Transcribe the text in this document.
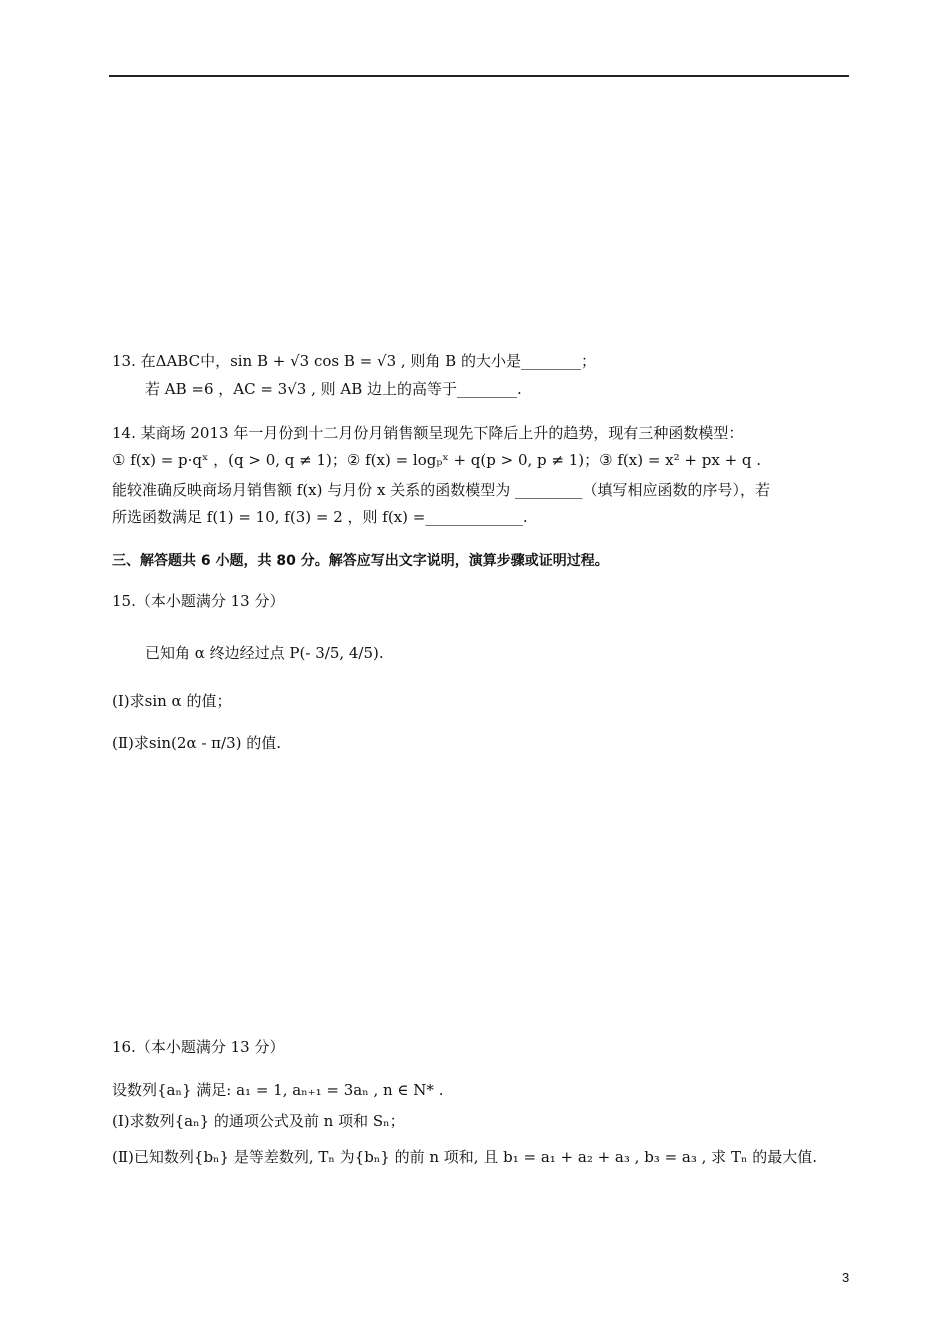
13. 在ΔABC中，sin B + √3 cos B = √3 , 则角 B 的大小是________；
若 AB =6 ，AC = 3√3 , 则 AB 边上的高等于________.
14. 某商场 2013 年一月份到十二月份月销售额呈现先下降后上升的趋势，现有三种函数模型：
① f(x) = p·qˣ ，(q > 0, q ≠ 1)；② f(x) = logₚˣ + q(p > 0, p ≠ 1)；③ f(x) = x² + px + q .
能较准确反映商场月销售额 f(x) 与月份 x 关系的函数模型为 _________（填写相应函数的序号），若
所选函数满足 f(1) = 10, f(3) = 2 ，则 f(x) =_____________.
三、解答题共 6 小题，共 80 分。解答应写出文字说明，演算步骤或证明过程。
15.（本小题满分 13 分）
已知角 α 终边经过点 P(- 3/5, 4/5).
(Ⅰ)求sin α 的值；
(Ⅱ)求sin(2α - π/3) 的值.
16.（本小题满分 13 分）
设数列{aₙ} 满足: a₁ = 1, aₙ₊₁ = 3aₙ , n ∈ N* .
(Ⅰ)求数列{aₙ} 的通项公式及前 n 项和 Sₙ；
(Ⅱ)已知数列{bₙ} 是等差数列, Tₙ 为{bₙ} 的前 n 项和, 且 b₁ = a₁ + a₂ + a₃ , b₃ = a₃ , 求 Tₙ 的最大值.
3
